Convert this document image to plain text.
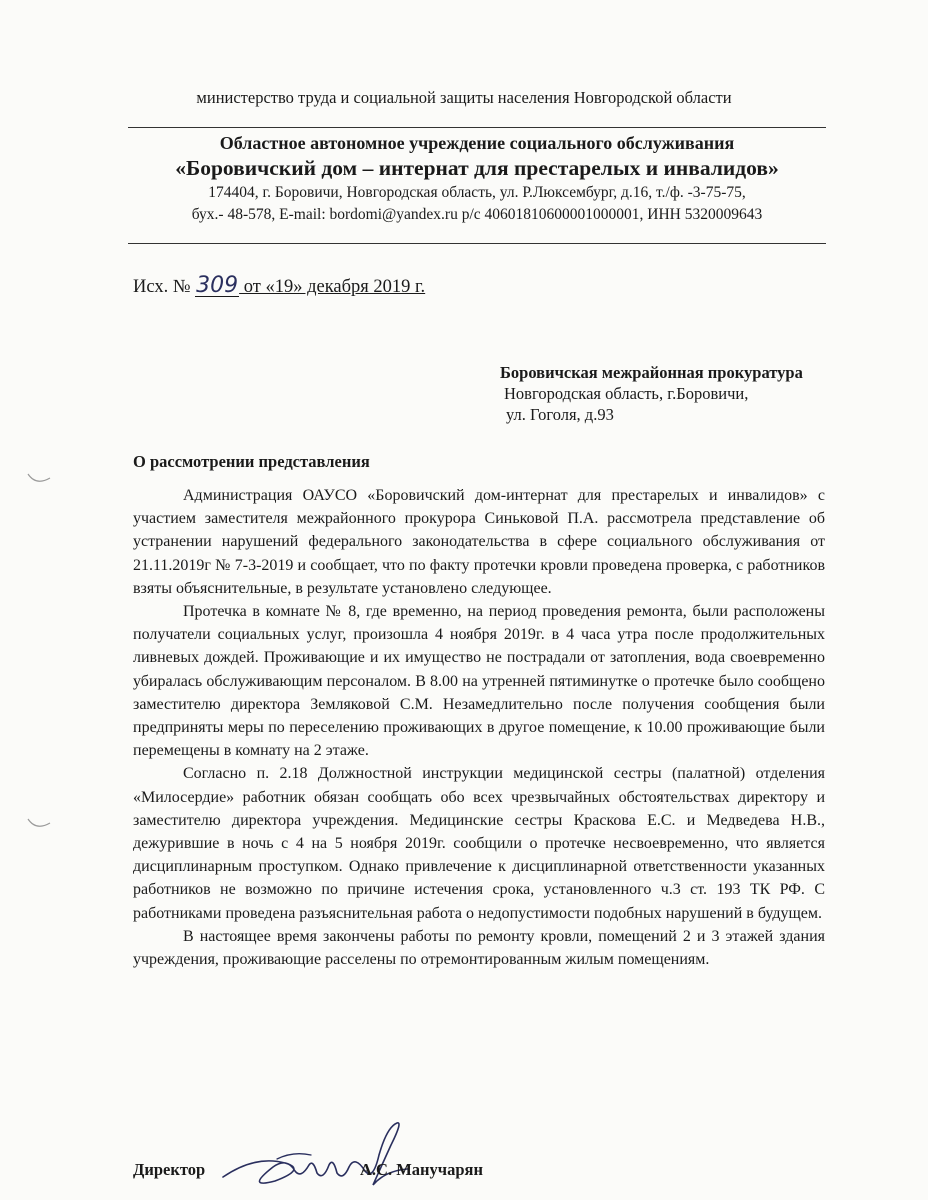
министерство труда и социальной защиты населения Новгородской области
Областное автономное учреждение социального обслуживания
«Боровичский дом – интернат для престарелых и инвалидов»
174404, г. Боровичи, Новгородская область, ул. Р.Люксембург, д.16, т./ф. -3-75-75,
бух.- 48-578, E-mail: bordomi@yandex.ru р/с 40601810600001000001, ИНН 5320009643
Исх. № 309 от «19» декабря 2019 г.
Боровичская межрайонная прокуратура
Новгородская область, г.Боровичи,
ул. Гоголя, д.93
О рассмотрении представления

Администрация ОАУСО «Боровичский дом-интернат для престарелых и инвалидов» с участием заместителя межрайонного прокурора Синьковой П.А. рассмотрела представление об устранении нарушений федерального законодательства в сфере социального обслуживания от 21.11.2019г № 7-3-2019 и сообщает, что по факту протечки кровли проведена проверка, с работников взяты объяснительные, в результате установлено следующее.

Протечка в комнате № 8, где временно, на период проведения ремонта, были расположены получатели социальных услуг, произошла 4 ноября 2019г. в 4 часа утра после продолжительных ливневых дождей. Проживающие и их имущество не пострадали от затопления, вода своевременно убиралась обслуживающим персоналом. В 8.00 на утренней пятиминутке о протечке было сообщено заместителю директора Земляковой С.М. Незамедлительно после получения сообщения были предприняты меры по переселению проживающих в другое помещение, к 10.00 проживающие были перемещены в комнату на 2 этаже.

Согласно п. 2.18 Должностной инструкции медицинской сестры (палатной) отделения «Милосердие» работник обязан сообщать обо всех чрезвычайных обстоятельствах директору и заместителю директора учреждения. Медицинские сестры Краскова Е.С. и Медведева Н.В., дежурившие в ночь с 4 на 5 ноября 2019г. сообщили о протечке несвоевременно, что является дисциплинарным проступком. Однако привлечение к дисциплинарной ответственности указанных работников не возможно по причине истечения срока, установленного ч.3 ст. 193 ТК РФ. С работниками проведена разъяснительная работа о недопустимости подобных нарушений в будущем.

В настоящее время закончены работы по ремонту кровли, помещений 2 и 3 этажей здания учреждения, проживающие расселены по отремонтированным жилым помещениям.

Директор	А.С. Манучарян
